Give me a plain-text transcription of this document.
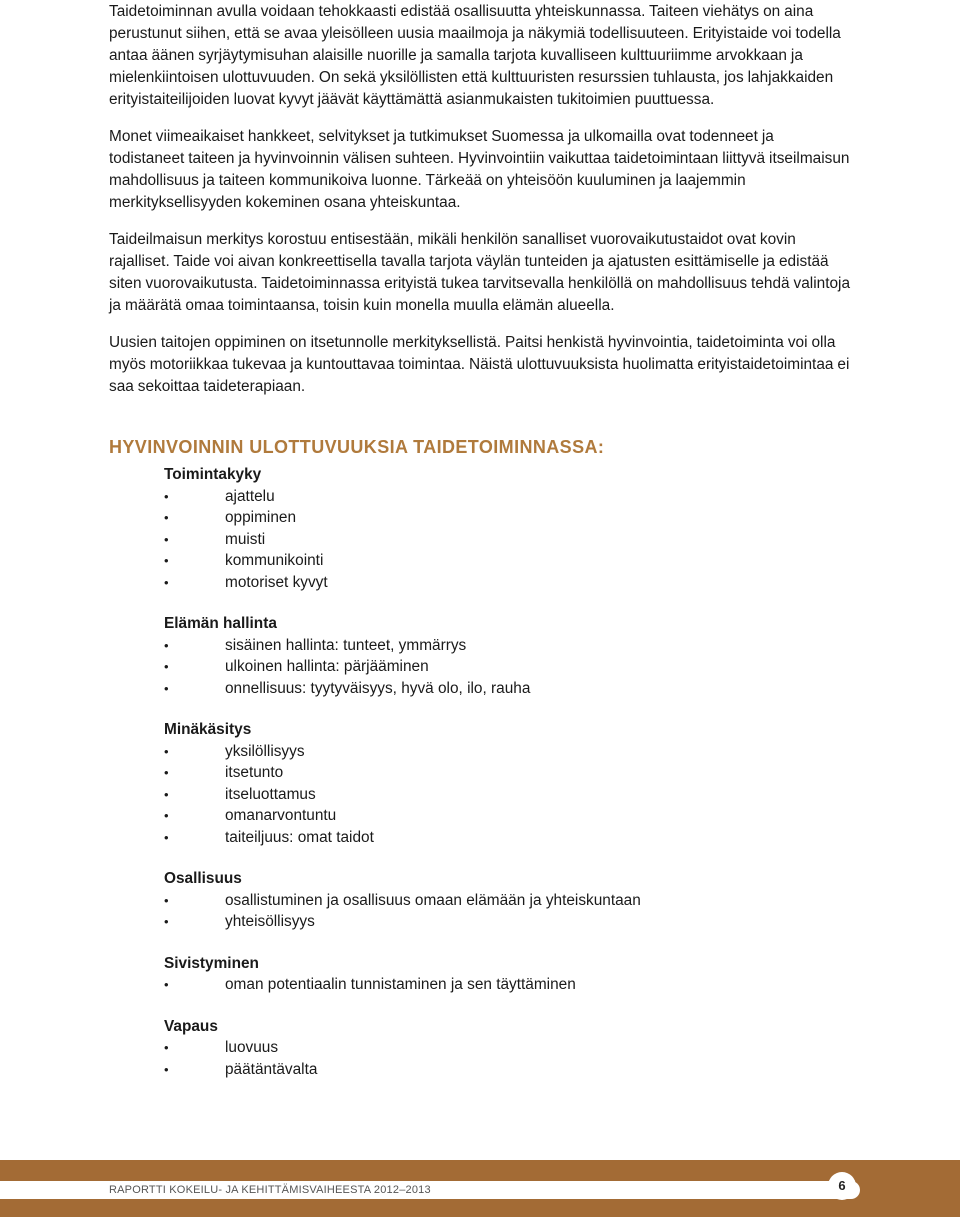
Taidetoiminnan avulla voidaan tehokkaasti edistää osallisuutta yhteiskunnassa. Taiteen viehätys on aina perustunut siihen, että se avaa yleisölleen uusia maailmoja ja näkymiä todellisuuteen. Erityistaide voi todella antaa äänen syrjäytymisuhan alaisille nuorille ja samalla tarjota kuvalliseen kulttuuriimme arvokkaan ja mielenkiintoisen ulottuvuuden. On sekä yksilöllisten että kulttuuristen resurssien tuhlausta, jos lahjakkaiden erityistaiteilijoiden luovat kyvyt jäävät käyttämättä asianmukaisten tukitoimien puuttuessa.

Monet viimeaikaiset hankkeet, selvitykset ja tutkimukset Suomessa ja ulkomailla ovat todenneet ja todistaneet taiteen ja hyvinvoinnin välisen suhteen. Hyvinvointiin vaikuttaa taidetoimintaan liittyvä itseilmaisun mahdollisuus ja taiteen kommunikoiva luonne. Tärkeää on yhteisöön kuuluminen ja laajemmin merkityksellisyyden kokeminen osana yhteiskuntaa.

Taideilmaisun merkitys korostuu entisestään, mikäli henkilön sanalliset vuorovaikutustaidot ovat kovin rajalliset. Taide voi aivan konkreettisella tavalla tarjota väylän tunteiden ja ajatusten esittämiselle ja edistää siten vuorovaikutusta. Taidetoiminnassa erityistä tukea tarvitsevalla henkilöllä on mahdollisuus tehdä valintoja ja määrätä omaa toimintaansa, toisin kuin monella muulla elämän alueella.

Uusien taitojen oppiminen on itsetunnolle merkityksellistä. Paitsi henkistä hyvinvointia, taidetoiminta voi olla myös motoriikkaa tukevaa ja kuntouttavaa toimintaa. Näistä ulottuvuuksista huolimatta erityistaidetoimintaa ei saa sekoittaa taideterapiaan.

HYVINVOINNIN ULOTTUVUUKSIA TAIDETOIMINNASSA:
Toimintakyky
•	ajattelu
•	oppiminen
•	muisti
•	kommunikointi
•	motoriset kyvyt
Elämän hallinta
•	sisäinen hallinta: tunteet, ymmärrys
•	ulkoinen hallinta: pärjääminen
•	onnellisuus: tyytyväisyys, hyvä olo, ilo, rauha
Minäkäsitys
•	yksilöllisyys
•	itsetunto
•	itseluottamus
•	omanarvontuntu
•	taiteiljuus: omat taidot
Osallisuus
•	osallistuminen ja osallisuus omaan elämään ja yhteiskuntaan
•	yhteisöllisyys
Sivistyminen
•	oman potentiaalin tunnistaminen ja sen täyttäminen
Vapaus
•	luovuus
•	päätäntävalta
RAPORTTI KOKEILU- JA KEHITTÄMISVAIHEESTA 2012–2013	6
